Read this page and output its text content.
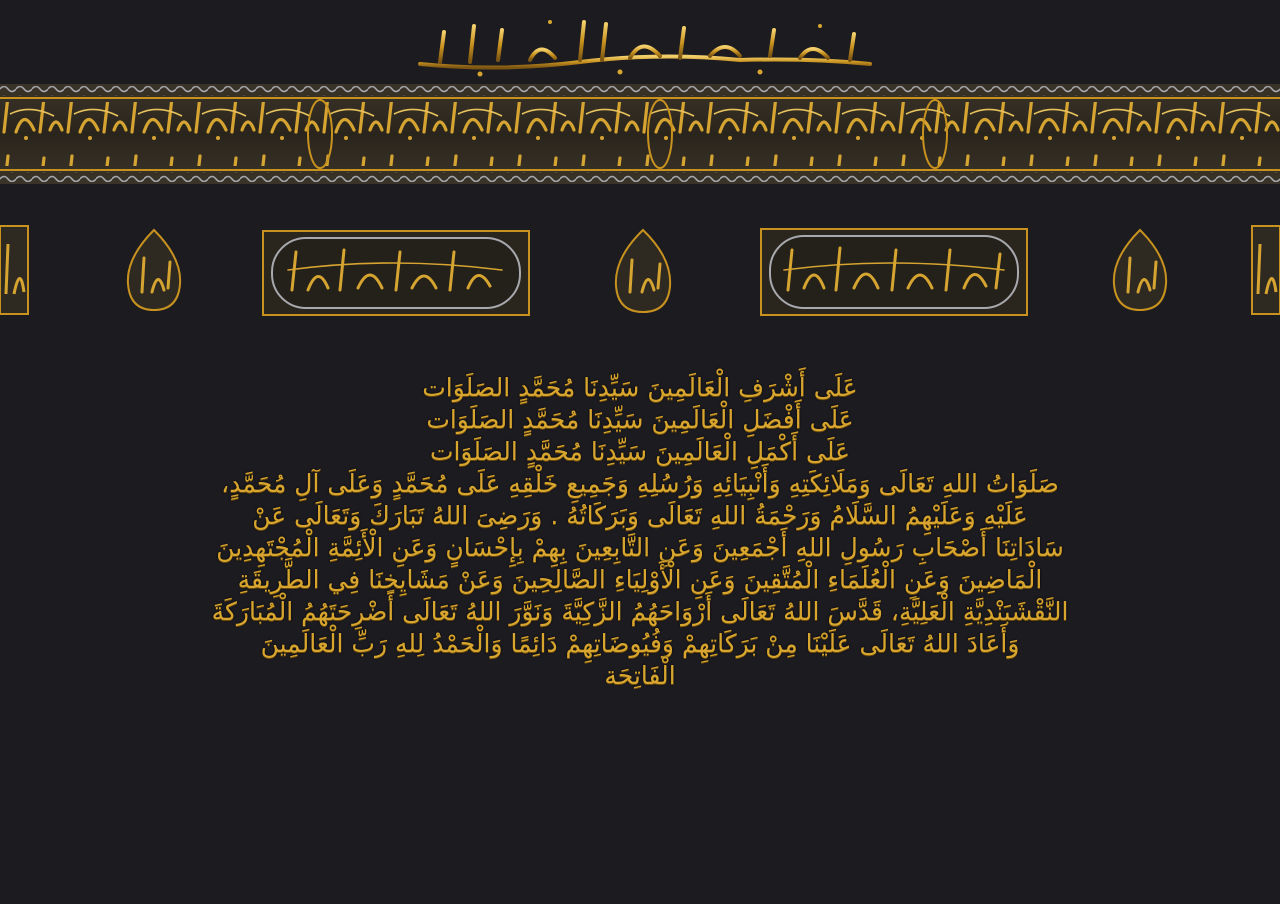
عَلَى أَشْرَفِ الْعَالَمِينَ سَيِّدِنَا مُحَمَّدٍ الصَلَوَات
عَلَى أَفْضَلِ الْعَالَمِينَ سَيِّدِنَا مُحَمَّدٍ الصَلَوَات
عَلَى أَكْمَلِ الْعَالَمِينَ سَيِّدِنَا مُحَمَّدٍ الصَلَوَات
صَلَوَاتُ اللهِ تَعَالَى وَمَلَائِكَتِهِ وَأَنْبِيَائِهِ وَرُسُلِهِ وَجَمِيعِ خَلْقِهِ عَلَى مُحَمَّدٍ وَعَلَى آلِ مُحَمَّدٍ،
عَلَيْهِ وَعَلَيْهِمُ السَّلَامُ وَرَحْمَةُ اللهِ تَعَالَى وَبَرَكَاتُهُ . وَرَضِىَ اللهُ تَبَارَكَ وَتَعَالَى عَنْ
سَادَاتِنَا أَصْحَابِ رَسُولِ اللهِ أَجْمَعِينَ وَعَنِ التَّابِعِينَ بِهِمْ بِإِحْسَانٍ وَعَنِ الْأَئِمَّةِ الْمُجْتَهِدِينَ
الْمَاضِينَ وَعَنِ الْعُلَمَاءِ الْمُتَّقِينَ وَعَنِ الْأَوْلِيَاءِ الصَّالِحِينَ وَعَنْ مَشَايِخِنَا فِي الطَّرِيقَةِ
النَّقْشَبَنْدِيَّةِ الْعَلِيَّةِ، قَدَّسَ اللهُ تَعَالَى أَرْوَاحَهُمُ الزَّكِيَّةَ وَنَوَّرَ اللهُ تَعَالَى أَضْرِحَتَهُمُ الْمُبَارَكَةَ
وَأَعَادَ اللهُ تَعَالَى عَلَيْنَا مِنْ بَرَكَاتِهِمْ وَفُيُوضَاتِهِمْ دَائِمًا وَالْحَمْدُ لِلهِ رَبِّ الْعَالَمِينَ
الْفَاتِحَة
